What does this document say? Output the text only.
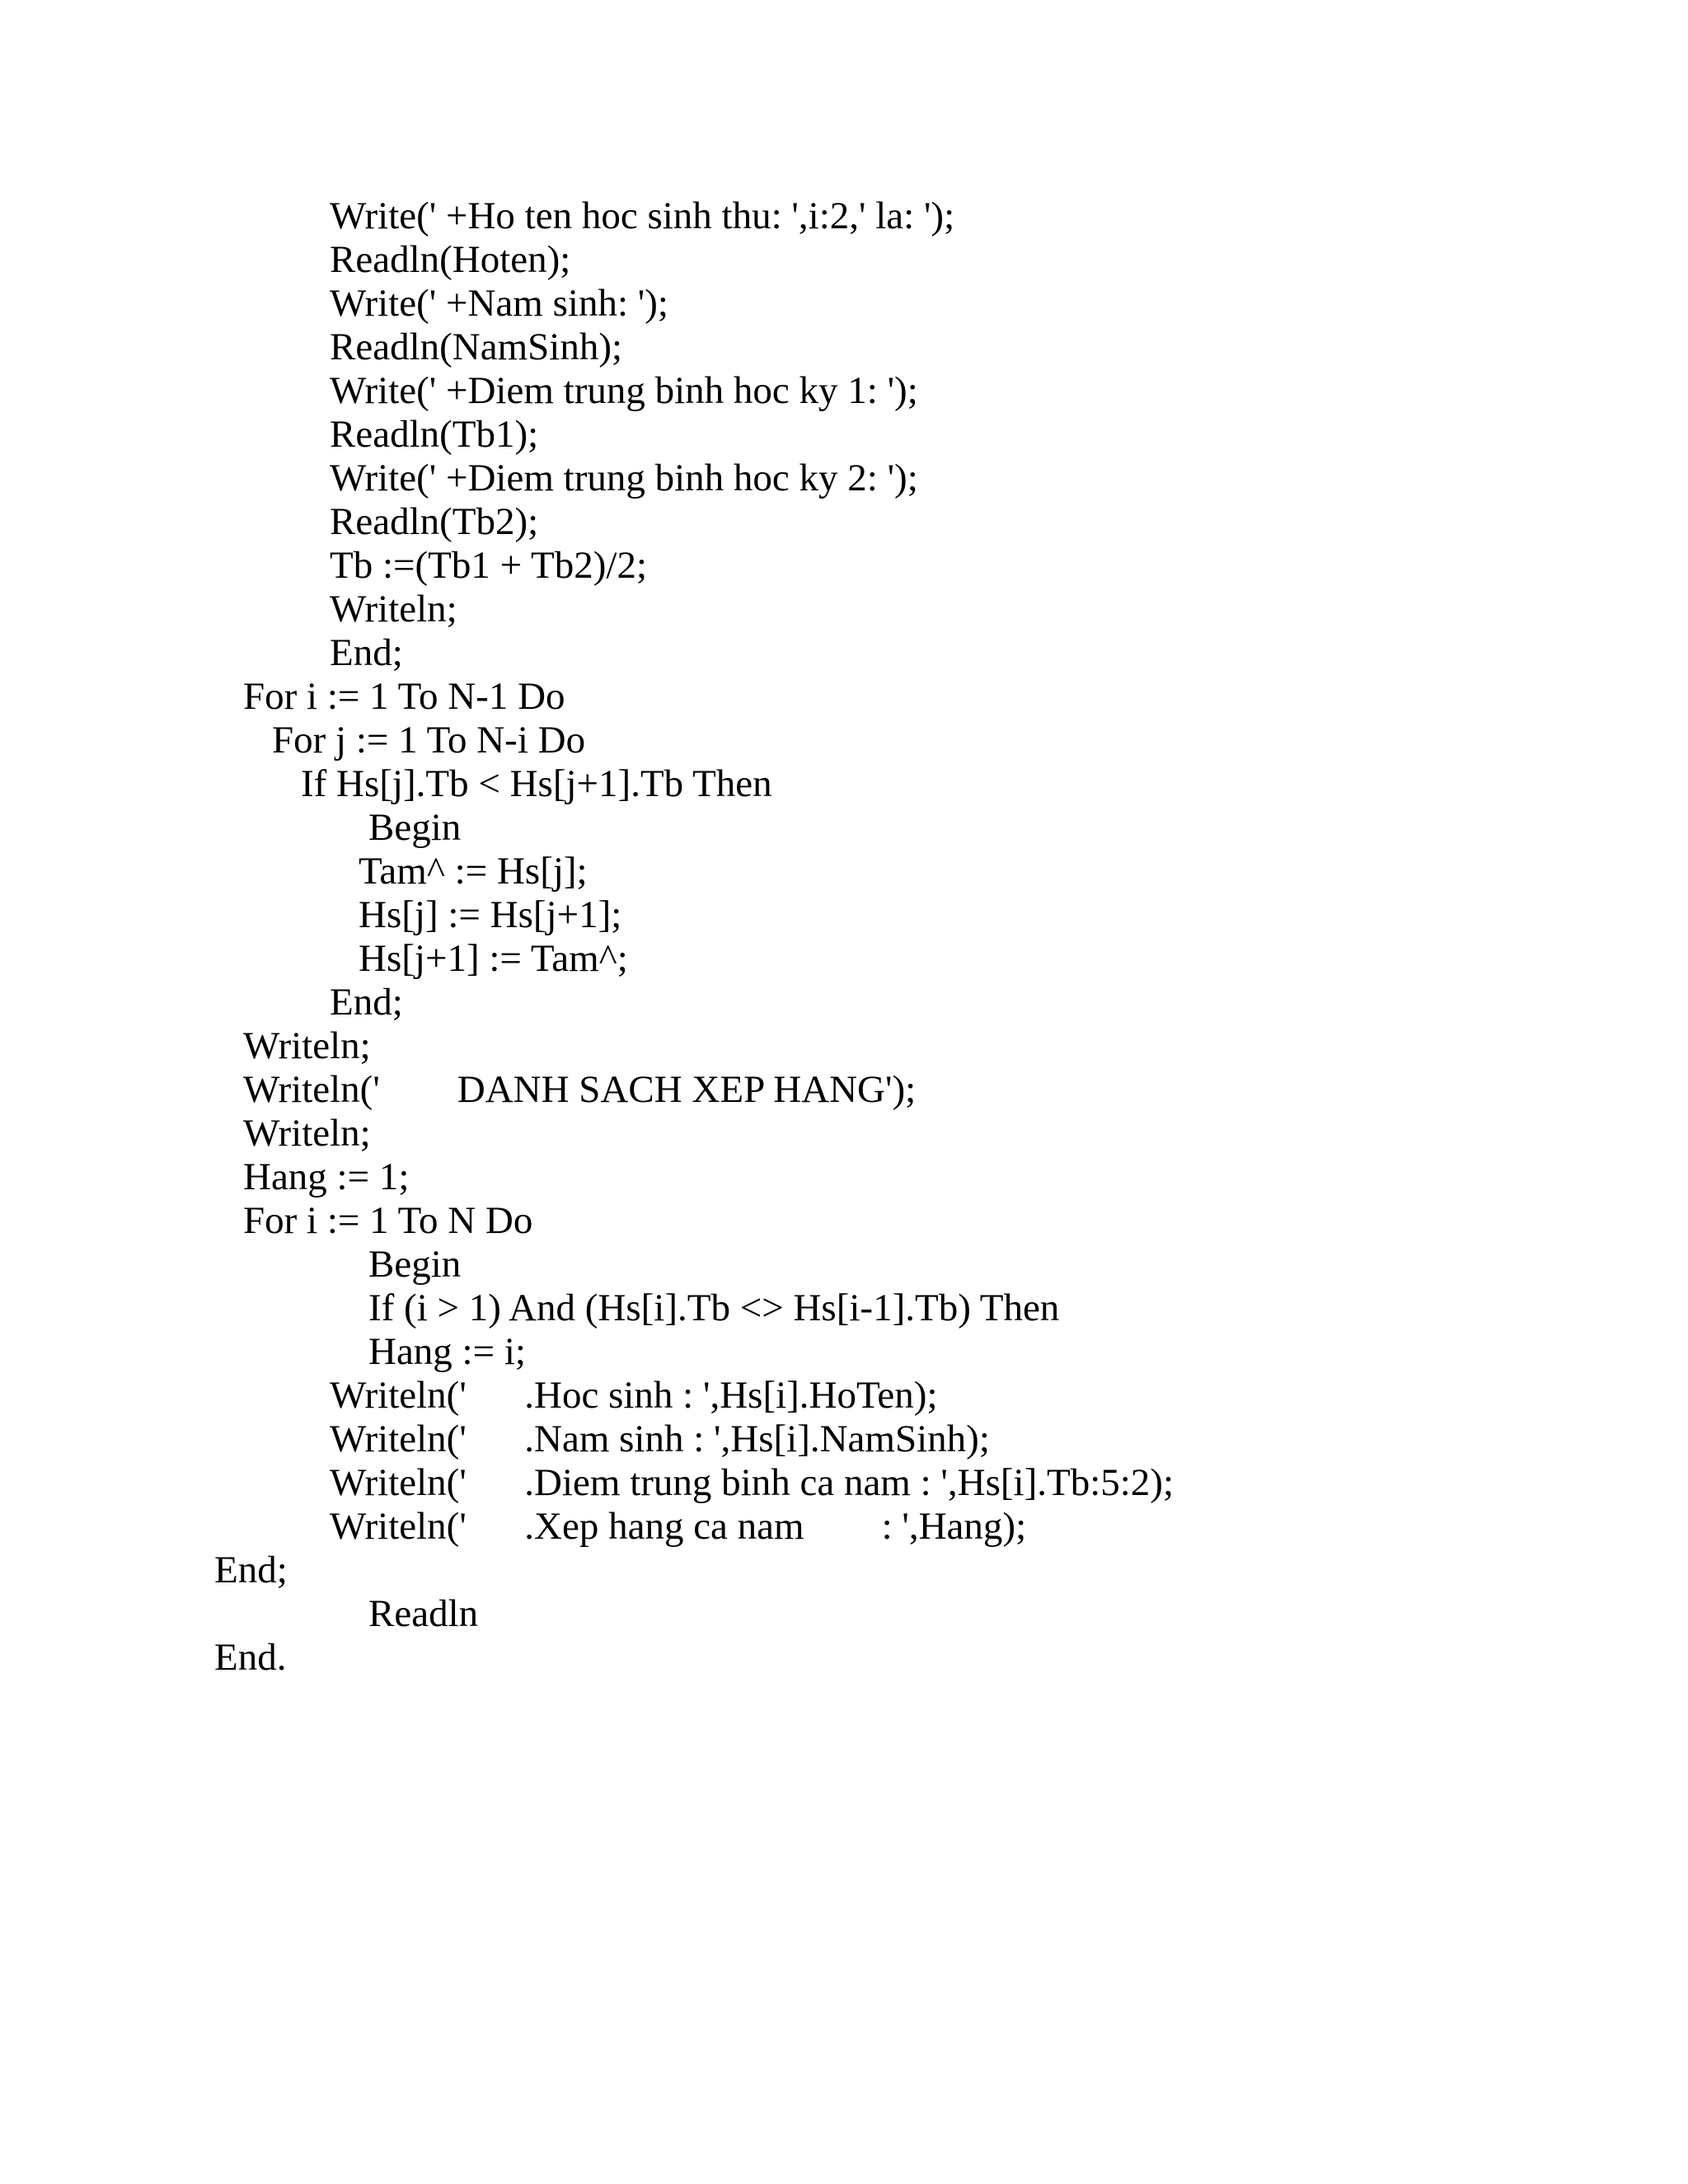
Write(' +Ho ten hoc sinh thu: ',i:2,' la: ');
Readln(Hoten);
Write(' +Nam sinh: ');
Readln(NamSinh);
Write(' +Diem trung binh hoc ky 1: ');
Readln(Tb1);
Write(' +Diem trung binh hoc ky 2: ');
Readln(Tb2);
Tb :=(Tb1 + Tb2)/2;
Writeln;
End;
For i := 1 To N-1 Do
For j := 1 To N-i Do
If Hs[j].Tb < Hs[j+1].Tb Then
Begin
Tam^ := Hs[j];
Hs[j] := Hs[j+1];
Hs[j+1] := Tam^;
End;
Writeln;
Writeln('        DANH SACH XEP HANG');
Writeln;
Hang := 1;
For i := 1 To N Do
Begin
If (i > 1) And (Hs[i].Tb <> Hs[i-1].Tb) Then
Hang := i;
Writeln('      .Hoc sinh : ',Hs[i].HoTen);
Writeln('      .Nam sinh : ',Hs[i].NamSinh);
Writeln('      .Diem trung binh ca nam : ',Hs[i].Tb:5:2);
Writeln('      .Xep hang ca nam        : ',Hang);
End;
Readln
End.
